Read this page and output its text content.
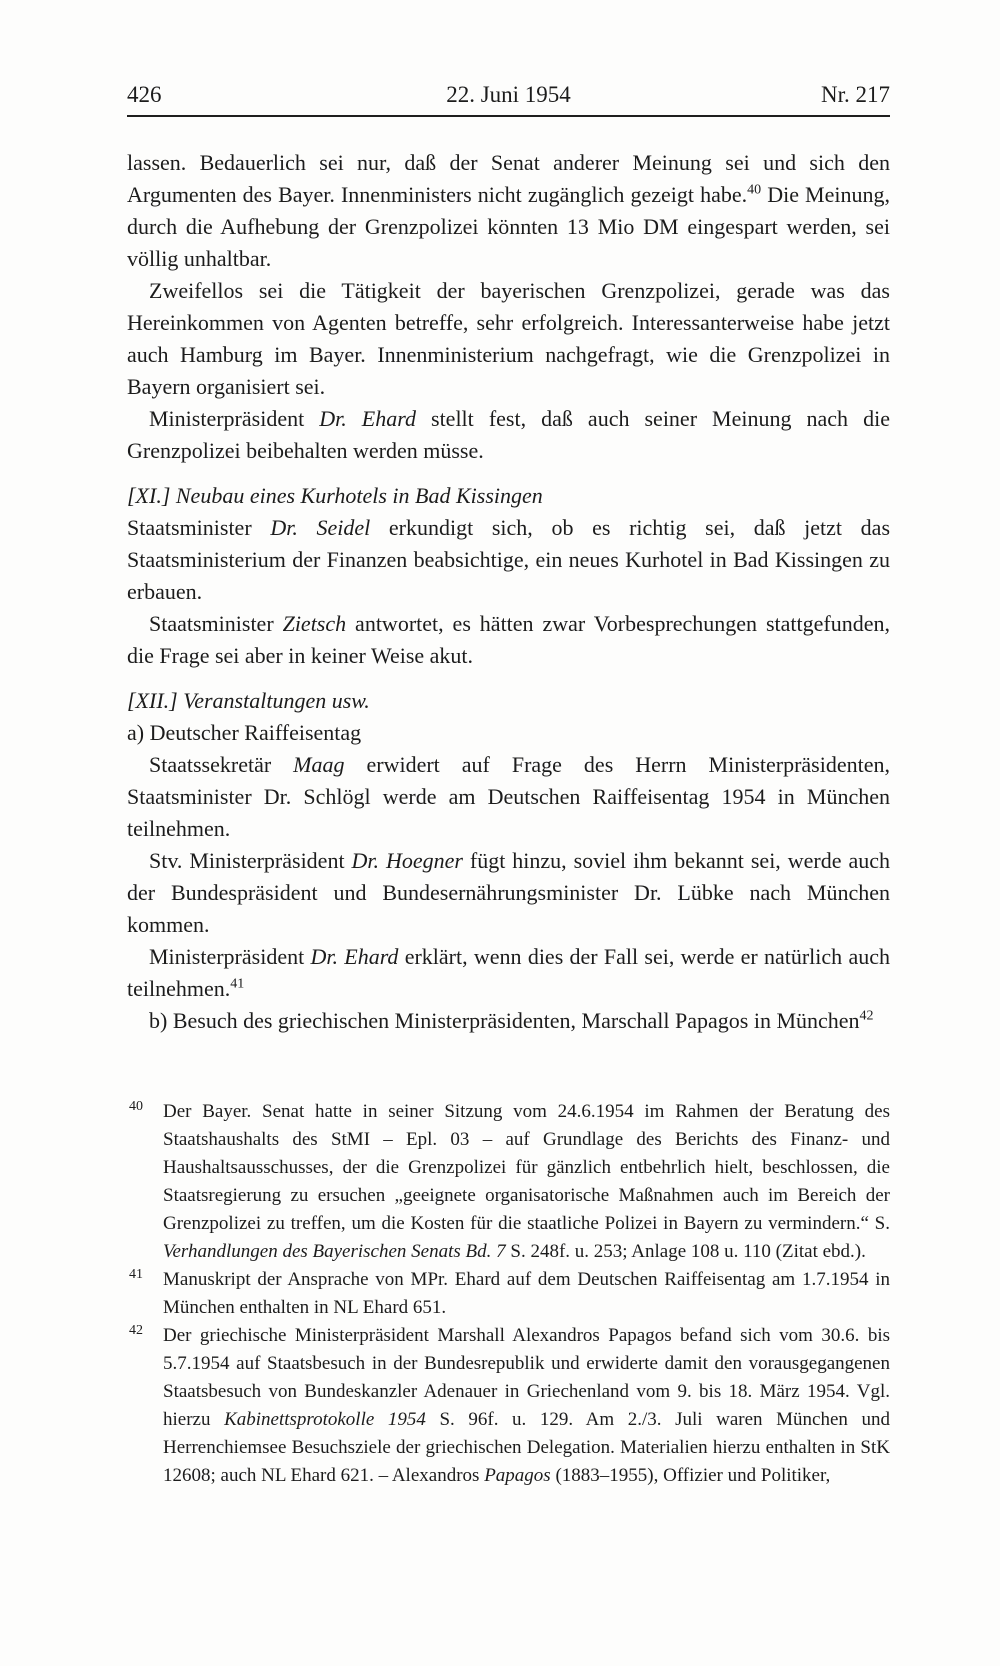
426	22. Juni 1954	Nr. 217

lassen. Bedauerlich sei nur, daß der Senat anderer Meinung sei und sich den Argumenten des Bayer. Innenministers nicht zugänglich gezeigt habe.$^{40}$ Die Meinung, durch die Aufhebung der Grenzpolizei könnten 13 Mio DM eingespart werden, sei völlig unhaltbar.

Zweifellos sei die Tätigkeit der bayerischen Grenzpolizei, gerade was das Hereinkommen von Agenten betreffe, sehr erfolgreich. Interessanterweise habe jetzt auch Hamburg im Bayer. Innenministerium nachgefragt, wie die Grenzpolizei in Bayern organisiert sei.

Ministerpräsident Dr. Ehard stellt fest, daß auch seiner Meinung nach die Grenzpolizei beibehalten werden müsse.

[XI.] Neubau eines Kurhotels in Bad Kissingen

Staatsminister Dr. Seidel erkundigt sich, ob es richtig sei, daß jetzt das Staatsministerium der Finanzen beabsichtige, ein neues Kurhotel in Bad Kissingen zu erbauen.

Staatsminister Zietsch antwortet, es hätten zwar Vorbesprechungen stattgefunden, die Frage sei aber in keiner Weise akut.

[XII.] Veranstaltungen usw.

a) Deutscher Raiffeisentag

Staatssekretär Maag erwidert auf Frage des Herrn Ministerpräsidenten, Staatsminister Dr. Schlögl werde am Deutschen Raiffeisentag 1954 in München teilnehmen.

Stv. Ministerpräsident Dr. Hoegner fügt hinzu, soviel ihm bekannt sei, werde auch der Bundespräsident und Bundesernährungsminister Dr. Lübke nach München kommen.

Ministerpräsident Dr. Ehard erklärt, wenn dies der Fall sei, werde er natürlich auch teilnehmen.$^{41}$

b) Besuch des griechischen Ministerpräsidenten, Marschall Papagos in München$^{42}$

40 Der Bayer. Senat hatte in seiner Sitzung vom 24.6.1954 im Rahmen der Beratung des Staatshaushalts des StMI – Epl. 03 – auf Grundlage des Berichts des Finanz- und Haushaltsausschusses, der die Grenzpolizei für gänzlich entbehrlich hielt, beschlossen, die Staatsregierung zu ersuchen „geeignete organisatorische Maßnahmen auch im Bereich der Grenzpolizei zu treffen, um die Kosten für die staatliche Polizei in Bayern zu vermindern.“ S. Verhandlungen des Bayerischen Senats Bd. 7 S. 248f. u. 253; Anlage 108 u. 110 (Zitat ebd.).
41 Manuskript der Ansprache von MPr. Ehard auf dem Deutschen Raiffeisentag am 1.7.1954 in München enthalten in NL Ehard 651.
42 Der griechische Ministerpräsident Marshall Alexandros Papagos befand sich vom 30.6. bis 5.7.1954 auf Staatsbesuch in der Bundesrepublik und erwiderte damit den vorausgegangenen Staatsbesuch von Bundeskanzler Adenauer in Griechenland vom 9. bis 18. März 1954. Vgl. hierzu Kabinettsprotokolle 1954 S. 96f. u. 129. Am 2./3. Juli waren München und Herrenchiemsee Besuchsziele der griechischen Delegation. Materialien hierzu enthalten in StK 12608; auch NL Ehard 621. – Alexandros Papagos (1883–1955), Offizier und Politiker,
